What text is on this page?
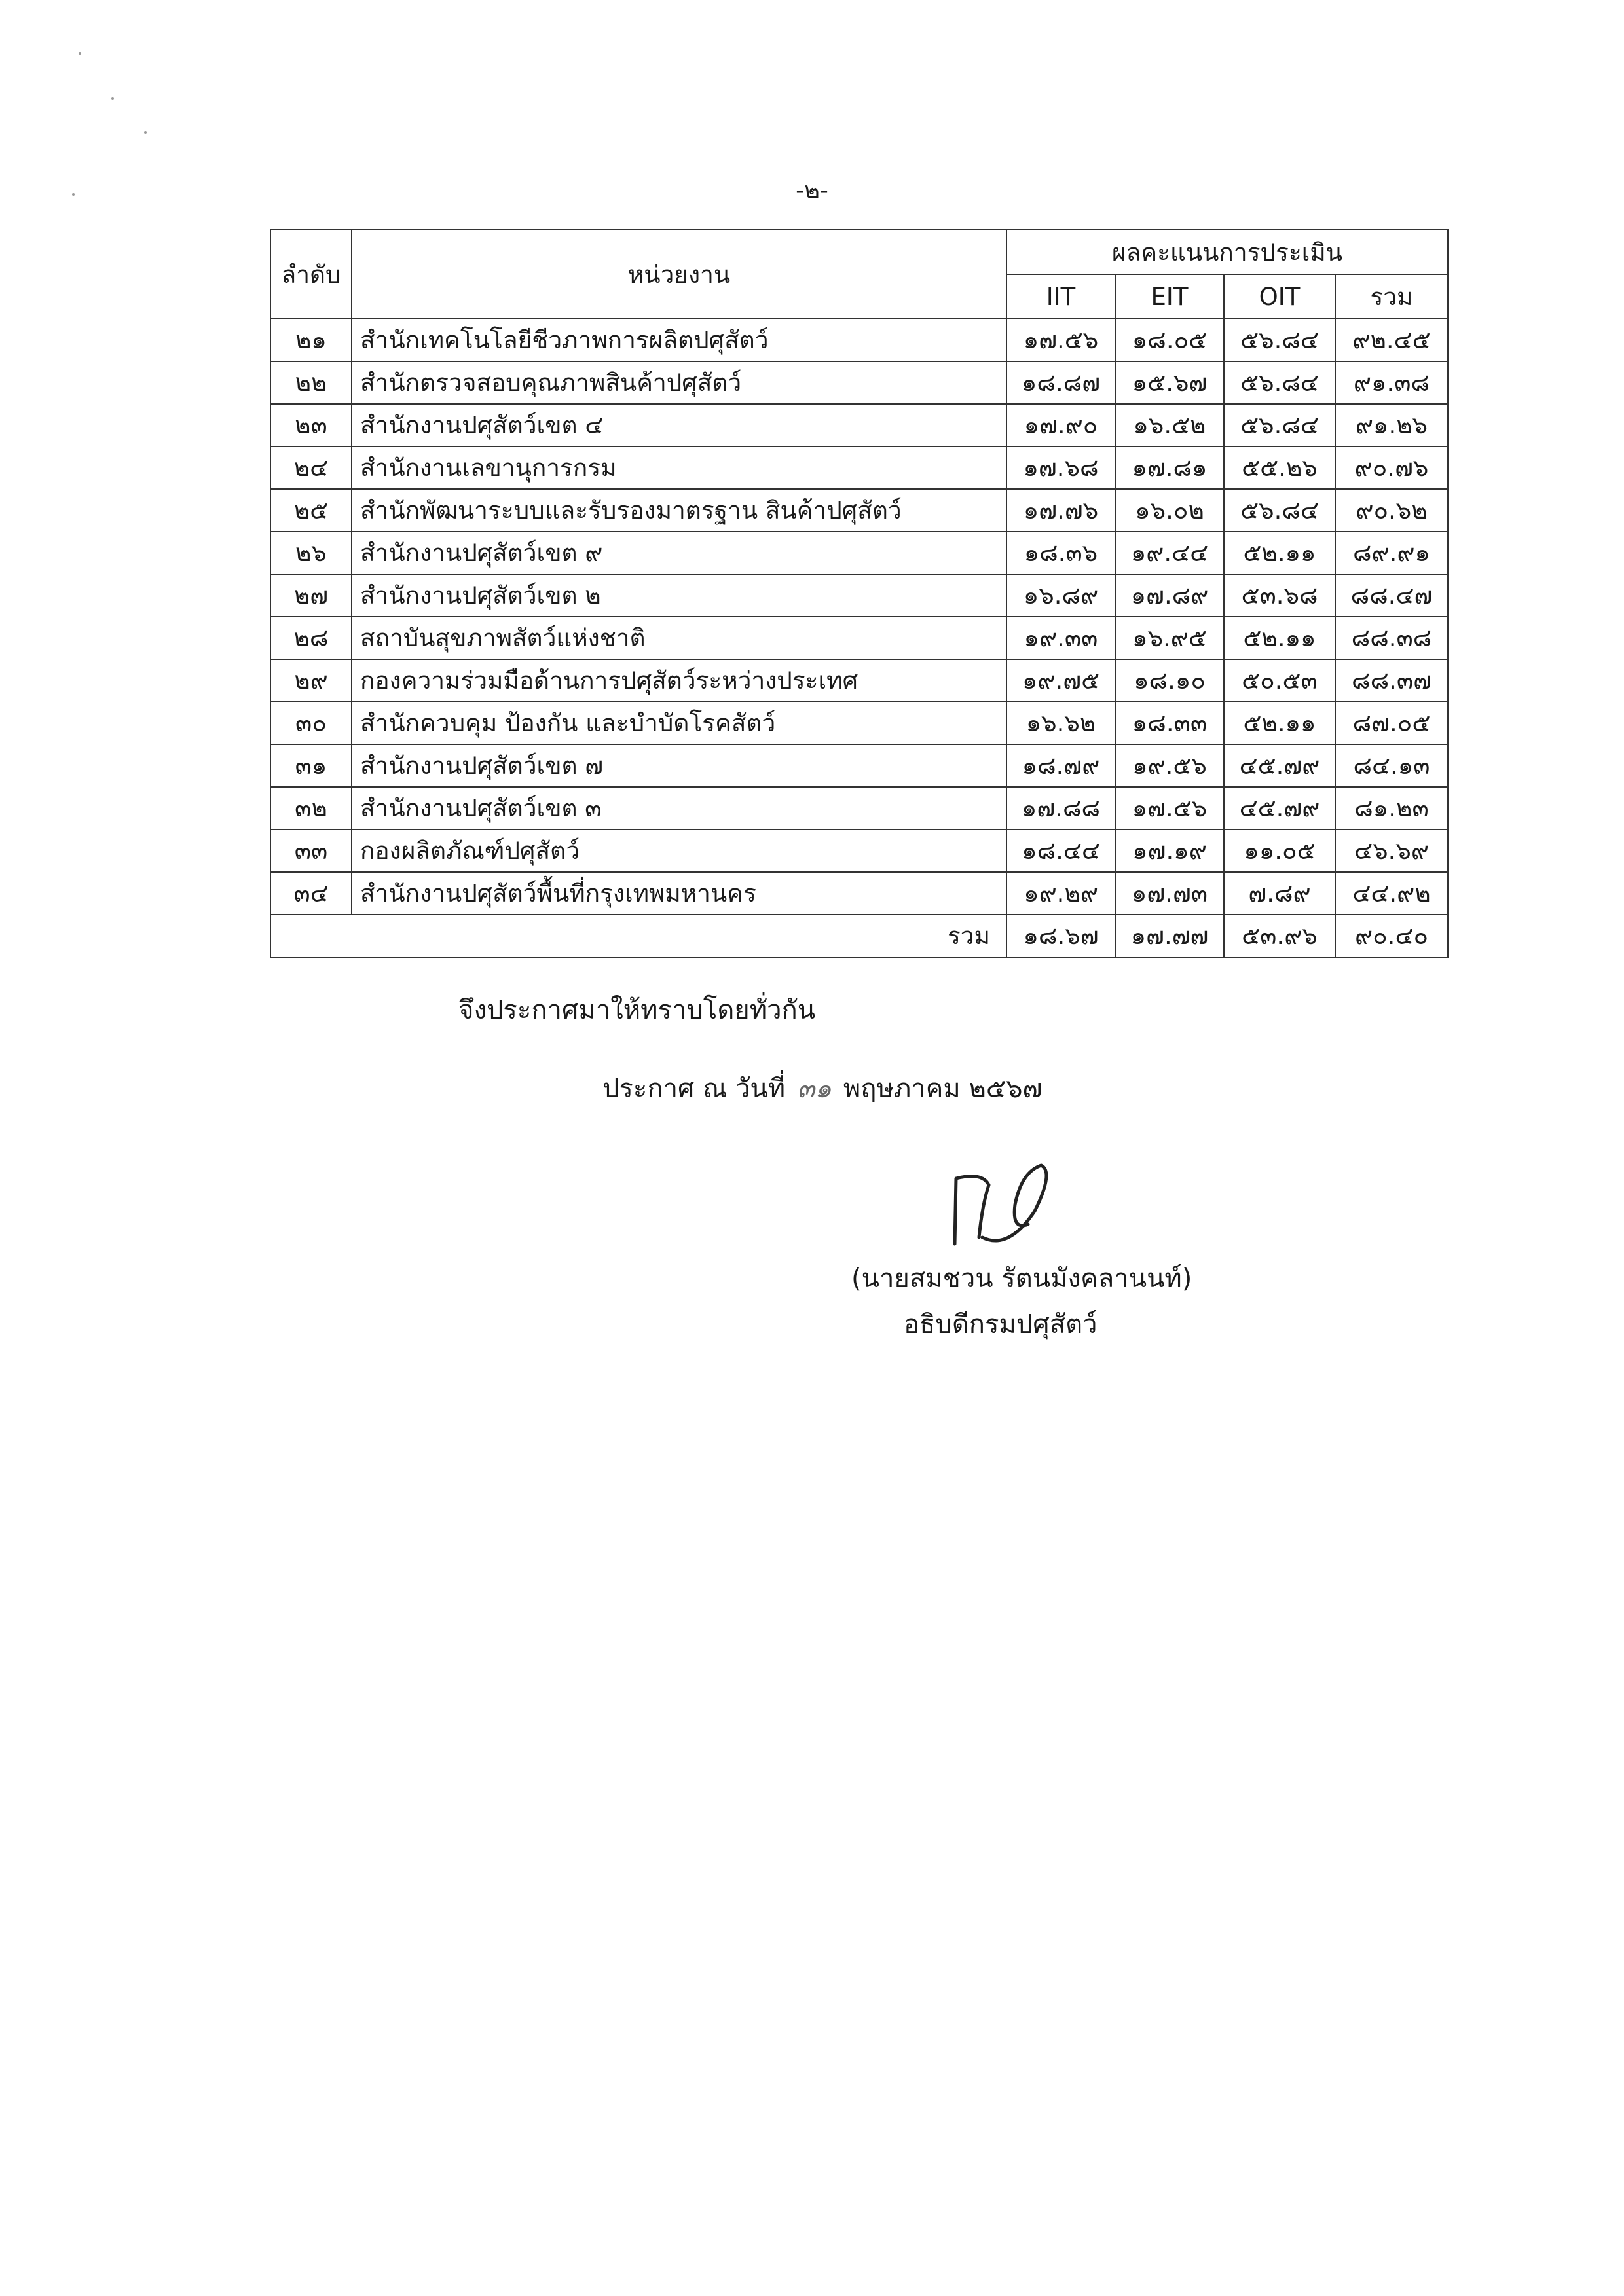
-๒-
ลำดับ	หน่วยงาน	ผลคะแนนการประเมิน			
		IIT	EIT	OIT	รวม
๒๑	สำนักเทคโนโลยีชีวภาพการผลิตปศุสัตว์	๑๗.๕๖	๑๘.๐๕	๕๖.๘๔	๙๒.๔๕
๒๒	สำนักตรวจสอบคุณภาพสินค้าปศุสัตว์	๑๘.๘๗	๑๕.๖๗	๕๖.๘๔	๙๑.๓๘
๒๓	สำนักงานปศุสัตว์เขต ๔	๑๗.๙๐	๑๖.๕๒	๕๖.๘๔	๙๑.๒๖
๒๔	สำนักงานเลขานุการกรม	๑๗.๖๘	๑๗.๘๑	๕๕.๒๖	๙๐.๗๖
๒๕	สำนักพัฒนาระบบและรับรองมาตรฐาน สินค้าปศุสัตว์	๑๗.๗๖	๑๖.๐๒	๕๖.๘๔	๙๐.๖๒
๒๖	สำนักงานปศุสัตว์เขต ๙	๑๘.๓๖	๑๙.๔๔	๕๒.๑๑	๘๙.๙๑
๒๗	สำนักงานปศุสัตว์เขต ๒	๑๖.๘๙	๑๗.๘๙	๕๓.๖๘	๘๘.๔๗
๒๘	สถาบันสุขภาพสัตว์แห่งชาติ	๑๙.๓๓	๑๖.๙๕	๕๒.๑๑	๘๘.๓๘
๒๙	กองความร่วมมือด้านการปศุสัตว์ระหว่างประเทศ	๑๙.๗๕	๑๘.๑๐	๕๐.๕๓	๘๘.๓๗
๓๐	สำนักควบคุม ป้องกัน และบำบัดโรคสัตว์	๑๖.๖๒	๑๘.๓๓	๕๒.๑๑	๘๗.๐๕
๓๑	สำนักงานปศุสัตว์เขต ๗	๑๘.๗๙	๑๙.๕๖	๔๕.๗๙	๘๔.๑๓
๓๒	สำนักงานปศุสัตว์เขต ๓	๑๗.๘๘	๑๗.๕๖	๔๕.๗๙	๘๑.๒๓
๓๓	กองผลิตภัณฑ์ปศุสัตว์	๑๘.๔๔	๑๗.๑๙	๑๑.๐๕	๔๖.๖๙
๓๔	สำนักงานปศุสัตว์พื้นที่กรุงเทพมหานคร	๑๙.๒๙	๑๗.๗๓	๗.๘๙	๔๔.๙๒
รวม		๑๘.๖๗	๑๗.๗๗	๕๓.๙๖	๙๐.๔๐
จึงประกาศมาให้ทราบโดยทั่วกัน
ประกาศ ณ วันที่ ๓๑ พฤษภาคม ๒๕๖๗
(นายสมชวน รัตนมังคลานนท์)
อธิบดีกรมปศุสัตว์
